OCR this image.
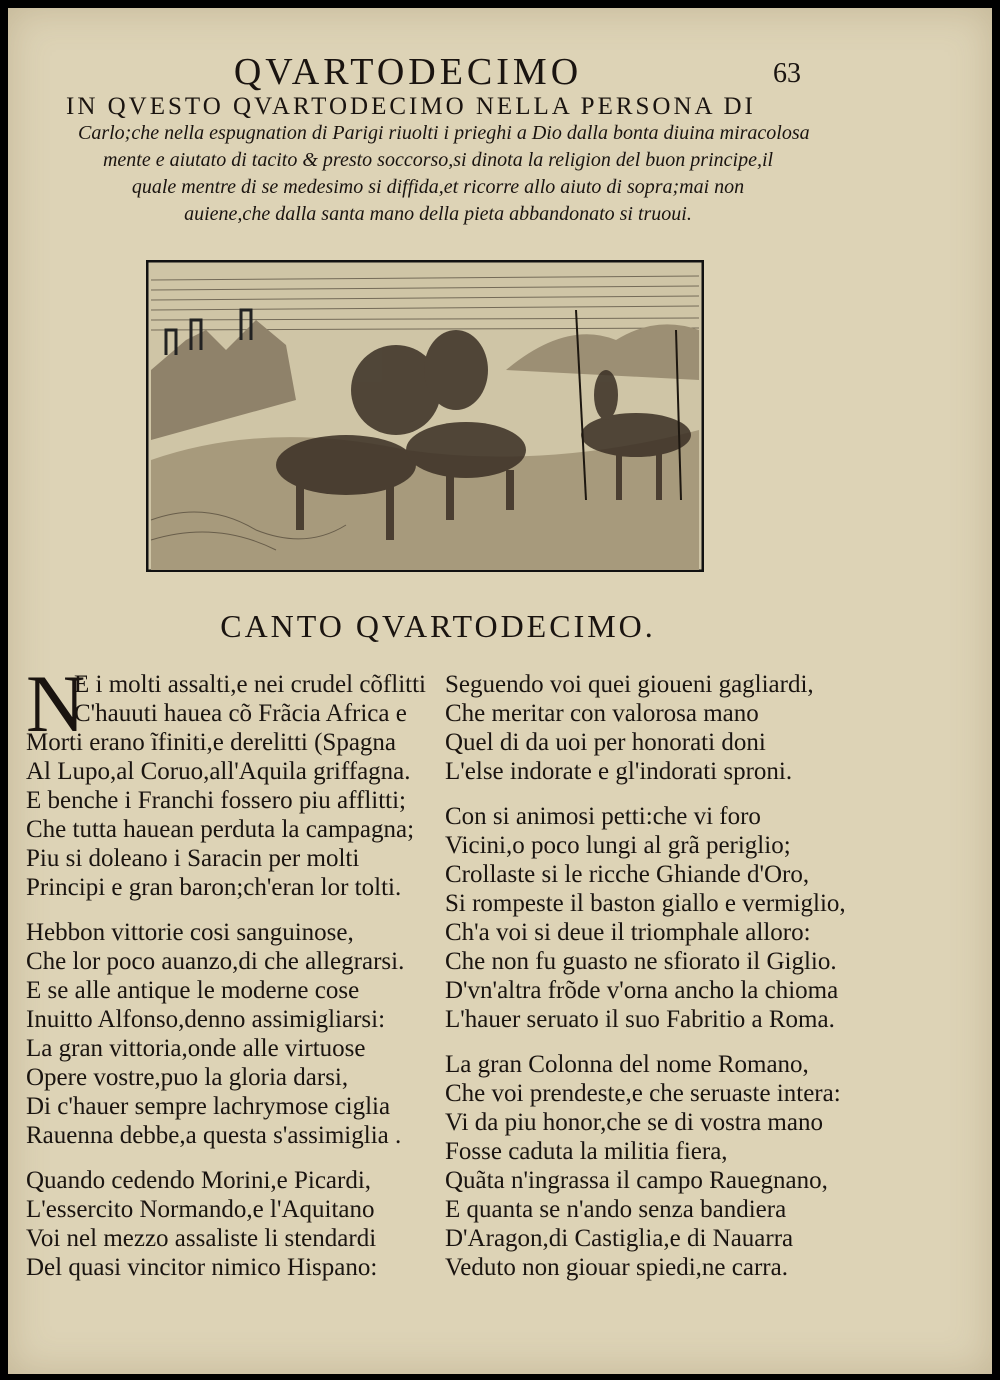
63
QVARTODECIMO
IN QVESTO QVARTODECIMO NELLA PERSONA DI
Carlo;che nella espugnation di Parigi riuolti i prieghi a Dio dalla bonta diuina miracolosa
mente e aiutato di tacito & presto soccorso,si dinota la religion del buon principe,il
quale mentre di se medesimo si diffida,et ricorre allo aiuto di sopra;mai non
auiene,che dalla santa mano della pieta abbandonato si truoui.
CANTO QVARTODECIMO.
N
E i molti assalti,e nei crudel cõflitti
C'hauuti hauea cõ Frãcia Africa e
Morti erano ĩfiniti,e derelitti (Spagna
Al Lupo,al Coruo,all'Aquila griffagna.
E benche i Franchi fossero piu afflitti;
Che tutta hauean perduta la campagna;
Piu si doleano i Saracin per molti
Principi e gran baron;ch'eran lor tolti.
Hebbon vittorie cosi sanguinose,
Che lor poco auanzo,di che allegrarsi.
E se alle antique le moderne cose
Inuitto Alfonso,denno assimigliarsi:
La gran vittoria,onde alle virtuose
Opere vostre,puo la gloria darsi,
Di c'hauer sempre lachrymose ciglia
Rauenna debbe,a questa s'assimiglia .
Quando cedendo Morini,e Picardi,
L'essercito Normando,e l'Aquitano
Voi nel mezzo assaliste li stendardi
Del quasi vincitor nimico Hispano:
Seguendo voi quei gioueni gagliardi,
Che meritar con valorosa mano
Quel di da uoi per honorati doni
L'else indorate e gl'indorati sproni.
Con si animosi petti:che vi foro
Vicini,o poco lungi al grã periglio;
Crollaste si le ricche Ghiande d'Oro,
Si rompeste il baston giallo e vermiglio,
Ch'a voi si deue il triomphale alloro:
Che non fu guasto ne sfiorato il Giglio.
D'vn'altra frõde v'orna ancho la chioma
L'hauer seruato il suo Fabritio a Roma.
La gran Colonna del nome Romano,
Che voi prendeste,e che seruaste intera:
Vi da piu honor,che se di vostra mano
Fosse caduta la militia fiera,
Quãta n'ingrassa il campo Rauegnano,
E quanta se n'ando senza bandiera
D'Aragon,di Castiglia,e di Nauarra
Veduto non giouar spiedi,ne carra.
